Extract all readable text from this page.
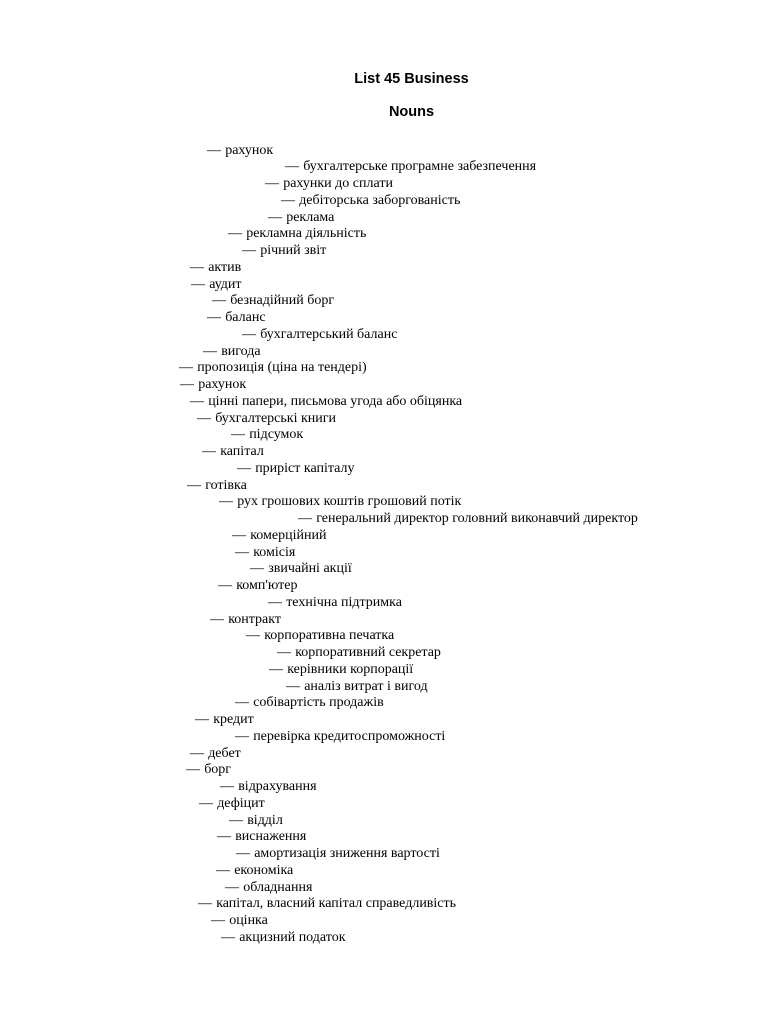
List 45 Business
Nouns
— рахунок
— бухгалтерське програмне забезпечення
— рахунки до сплати
— дебіторська заборгованість
— реклама
— рекламна діяльність
— річний звіт
— актив
— аудит
— безнадійний борг
— баланс
— бухгалтерський баланс
— вигода
— пропозиція (ціна на тендері)
— рахунок
— цінні папери, письмова угода або обіцянка
— бухгалтерські книги
— підсумок
— капітал
— приріст капіталу
— готівка
— рух грошових коштів грошовий потік
— генеральний директор головний виконавчий директор
— комерційний
— комісія
— звичайні акції
— комп'ютер
— технічна підтримка
— контракт
— корпоративна печатка
— корпоративний секретар
— керівники корпорації
— аналіз витрат і вигод
— собівартість продажів
— кредит
— перевірка кредитоспроможності
— дебет
— борг
— відрахування
— дефіцит
— відділ
— виснаження
— амортизація зниження вартості
— економіка
— обладнання
— капітал, власний капітал справедливість
— оцінка
— акцизний податок
